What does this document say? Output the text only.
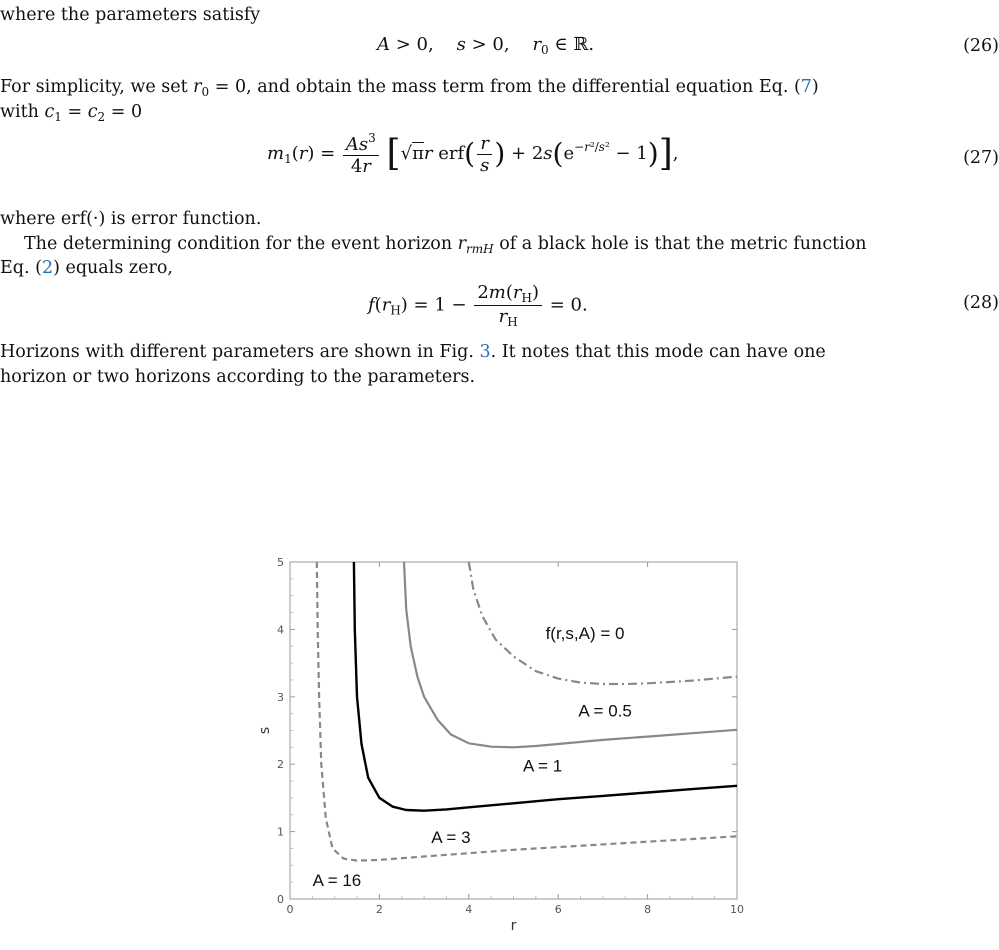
where the parameters satisfy
A > 0,    s > 0,    $r_0$ ∈ ℝ.	(26)
For simplicity, we set $r_0 = 0$, and obtain the mass term from the differential equation Eq. (7)
with $c_1 = c_2 = 0$
$m_1(r) = \frac{As^3}{4r} [√\pi r$ $erf( \frac{r}{s}$ ) + $2s(e^{-r^2/s^2} - 1)$],	(27)
where erf(·) is error function.
The determining condition for the event horizon $r_{rmH}$ of a black hole is that the metric function
Eq. (2) equals zero,
$f(r_H) = 1 - \frac{2m(r_H)}{r_H} = 0$.	(28)
Horizons with different parameters are shown in Fig. 3. It notes that this mode can have one
horizon or two horizons according to the parameters.
0	2	4	6	8	10
0
1
2
3
4
5
r
s
f(r,s,A) = 0
A = 0.5
A = 1
A = 3
A = 16
